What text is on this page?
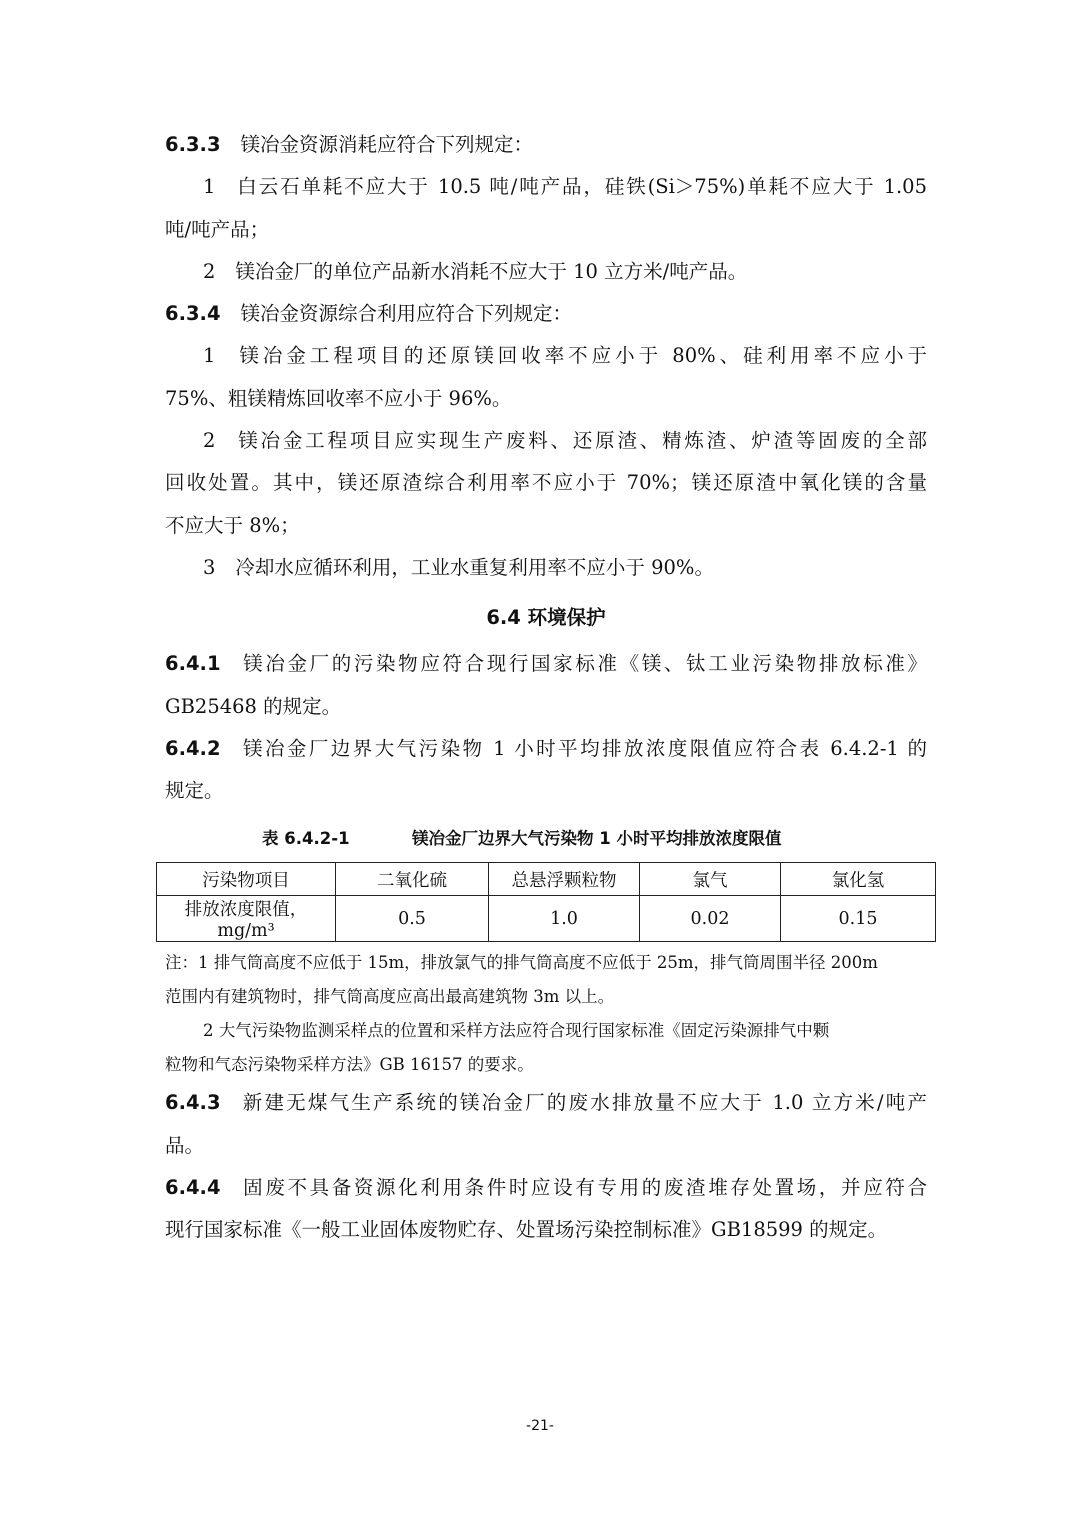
6.3.3 镁冶金资源消耗应符合下列规定：
1 白云石单耗不应大于 10.5 吨/吨产品，硅铁(Si＞75%)单耗不应大于 1.05
吨/吨产品；
2 镁冶金厂的单位产品新水消耗不应大于 10 立方米/吨产品。
6.3.4 镁冶金资源综合利用应符合下列规定：
1 镁冶金工程项目的还原镁回收率不应小于 80%、硅利用率不应小于
75%、粗镁精炼回收率不应小于 96%。
2 镁冶金工程项目应实现生产废料、还原渣、精炼渣、炉渣等固废的全部
回收处置。其中，镁还原渣综合利用率不应小于 70%；镁还原渣中氧化镁的含量
不应大于 8%；
3 冷却水应循环利用，工业水重复利用率不应小于 90%。
6.4 环境保护
6.4.1 镁冶金厂的污染物应符合现行国家标准《镁、钛工业污染物排放标准》
GB25468 的规定。
6.4.2 镁冶金厂边界大气污染物 1 小时平均排放浓度限值应符合表 6.4.2-1 的
规定。
表 6.4.2-1	镁冶金厂边界大气污染物 1 小时平均排放浓度限值
污染物项目	二氧化硫	总悬浮颗粒物	氯气	氯化氢
排放浓度限值，mg/m³	0.5	1.0	0.02	0.15
注：1 排气筒高度不应低于 15m，排放氯气的排气筒高度不应低于 25m，排气筒周围半径 200m
范围内有建筑物时，排气筒高度应高出最高建筑物 3m 以上。
2 大气污染物监测采样点的位置和采样方法应符合现行国家标准《固定污染源排气中颗
粒物和气态污染物采样方法》GB 16157 的要求。
6.4.3 新建无煤气生产系统的镁冶金厂的废水排放量不应大于 1.0 立方米/吨产
品。
6.4.4 固废不具备资源化利用条件时应设有专用的废渣堆存处置场，并应符合
现行国家标准《一般工业固体废物贮存、处置场污染控制标准》GB18599 的规定。
-21-
